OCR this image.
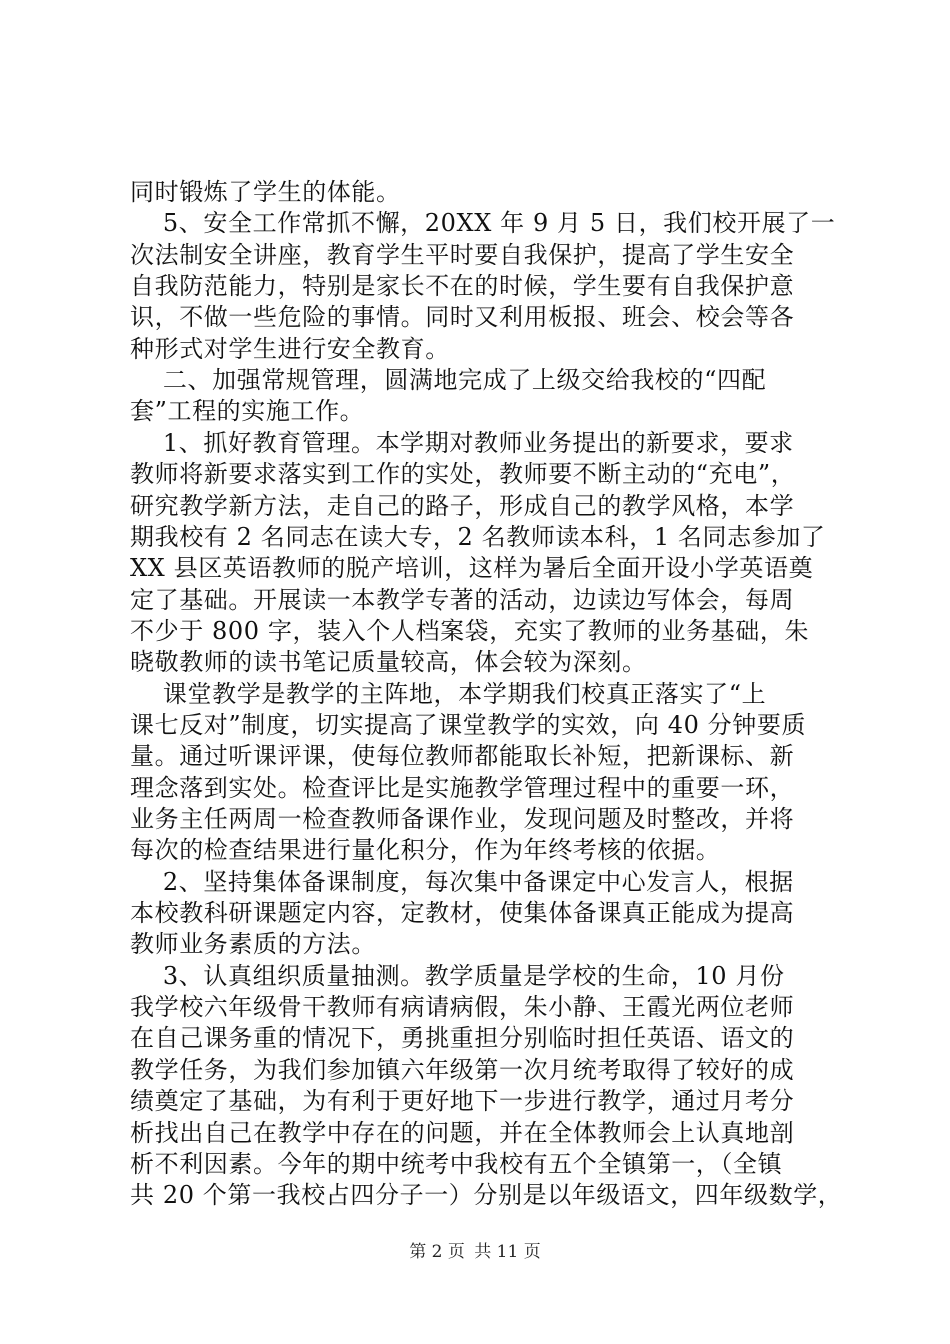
同时锻炼了学生的体能。
5、安全工作常抓不懈，20XX 年 9 月 5 日，我们校开展了一
次法制安全讲座，教育学生平时要自我保护，提高了学生安全
自我防范能力，特别是家长不在的时候，学生要有自我保护意
识，不做一些危险的事情。同时又利用板报、班会、校会等各
种形式对学生进行安全教育。
二、加强常规管理，圆满地完成了上级交给我校的“四配
套”工程的实施工作。
1、抓好教育管理。本学期对教师业务提出的新要求，要求
教师将新要求落实到工作的实处，教师要不断主动的“充电”，
研究教学新方法，走自己的路子，形成自己的教学风格，本学
期我校有 2 名同志在读大专，2 名教师读本科，1 名同志参加了
XX 县区英语教师的脱产培训，这样为暑后全面开设小学英语奠
定了基础。开展读一本教学专著的活动，边读边写体会，每周
不少于 800 字，装入个人档案袋，充实了教师的业务基础，朱
晓敬教师的读书笔记质量较高，体会较为深刻。
课堂教学是教学的主阵地，本学期我们校真正落实了“上
课七反对”制度，切实提高了课堂教学的实效，向 40 分钟要质
量。通过听课评课，使每位教师都能取长补短，把新课标、新
理念落到实处。检查评比是实施教学管理过程中的重要一环，
业务主任两周一检查教师备课作业，发现问题及时整改，并将
每次的检查结果进行量化积分，作为年终考核的依据。
2、坚持集体备课制度，每次集中备课定中心发言人，根据
本校教科研课题定内容，定教材，使集体备课真正能成为提高
教师业务素质的方法。
3、认真组织质量抽测。教学质量是学校的生命，10 月份
我学校六年级骨干教师有病请病假，朱小静、王霞光两位老师
在自己课务重的情况下，勇挑重担分别临时担任英语、语文的
教学任务，为我们参加镇六年级第一次月统考取得了较好的成
绩奠定了基础，为有利于更好地下一步进行教学，通过月考分
析找出自己在教学中存在的问题，并在全体教师会上认真地剖
析不利因素。今年的期中统考中我校有五个全镇第一，（全镇
共 20 个第一我校占四分子一）分别是以年级语文，四年级数学，
第 2 页 共 11 页
